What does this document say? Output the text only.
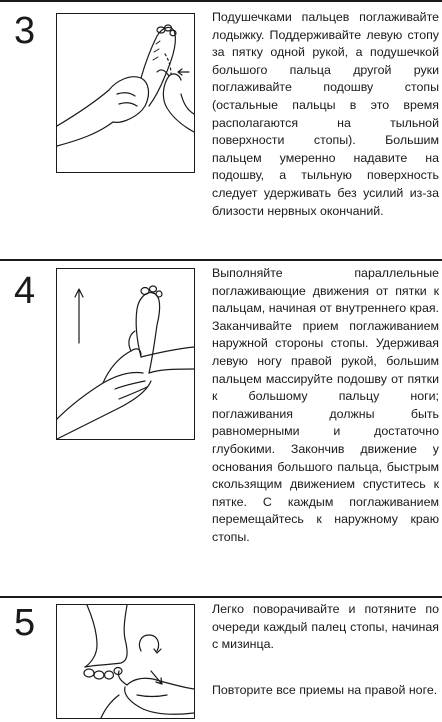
3	Подушечками пальцев поглаживайте лодыжку. Поддерживайте левую стопу за пятку одной рукой, а подушечкой большого пальца другой руки поглаживайте подошву стопы (остальные пальцы в это время располагаются на тыльной поверхности стопы). Большим пальцем умеренно надавите на подошву, а тыльную поверхность следует удерживать без усилий из-за близости нервных окончаний.

4	Выполняйте параллельные поглаживающие движения от пятки к пальцам, начиная от внутреннего края. Заканчивайте прием поглаживанием наружной стороны стопы. Удерживая левую ногу правой рукой, большим пальцем массируйте подошву от пятки к большому пальцу ноги; поглаживания должны быть равномерными и достаточно глубокими. Закончив движение у основания большого пальца, быстрым скользящим движением спуститесь к пятке. С каждым поглаживанием перемещайтесь к наружному краю стопы.

5	Легко поворачивайте и потяните по очереди каждый палец стопы, начиная с мизинца.

Повторите все приемы на правой ноге.
